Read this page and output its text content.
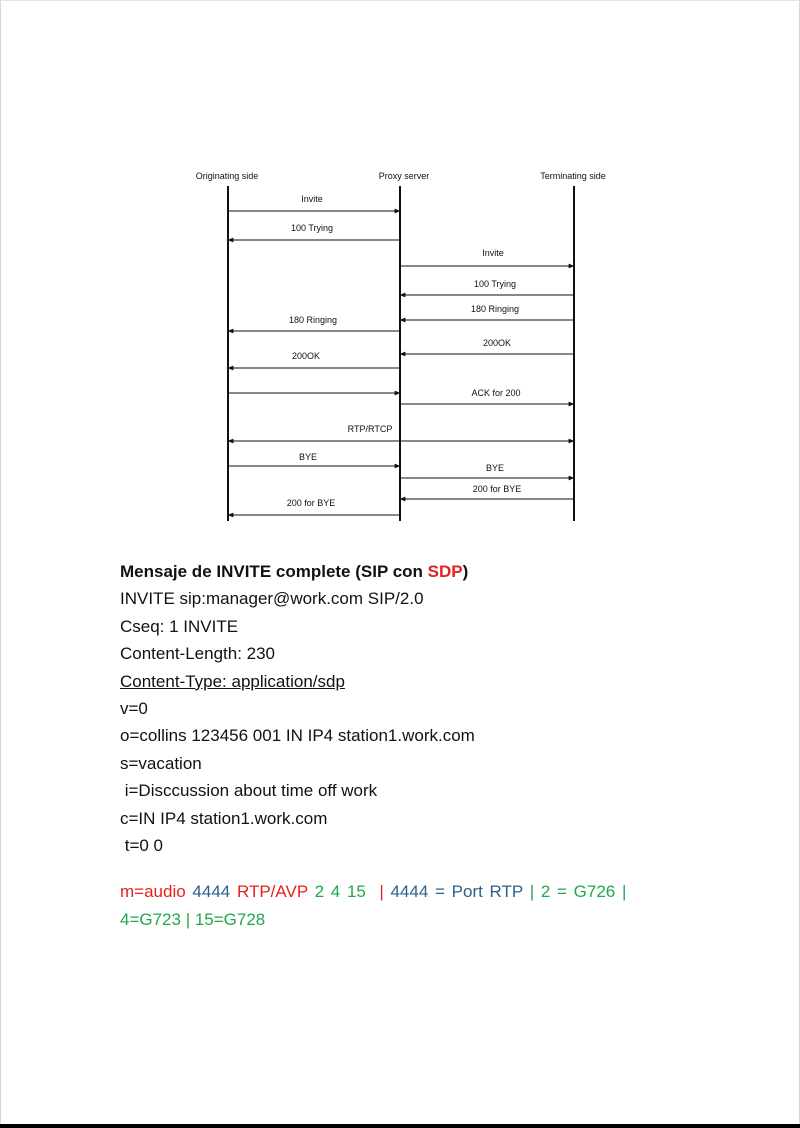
Originating side	Proxy server	Terminating side
Invite
100 Trying
Invite
100 Trying
180 Ringing
180 Ringing
200OK
200OK
ACK for 200
RTP/RTCP
BYE
BYE
200 for BYE
200 for BYE
Mensaje de INVITE complete (SIP con SDP)
INVITE sip:manager@work.com SIP/2.0
Cseq: 1 INVITE
Content-Length: 230
Content-Type: application/sdp
v=0
o=collins 123456 001 IN IP4 station1.work.com
s=vacation
i=Disccussion about time off work
c=IN IP4 station1.work.com
t=0 0
m=audio 4444 RTP/AVP 2 4 15 | 4444 = Port RTP | 2 = G726 |
4=G723 | 15=G728
